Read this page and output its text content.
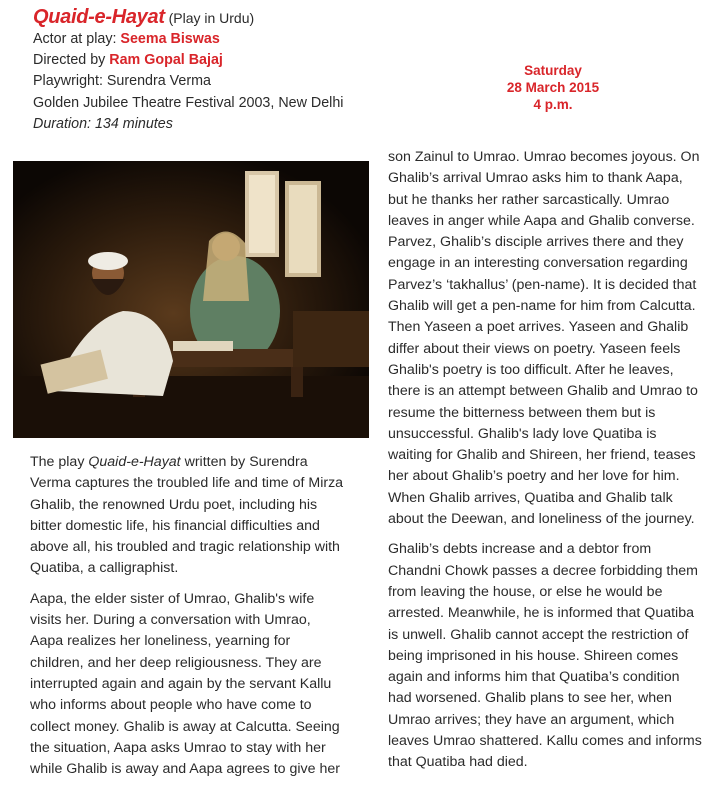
Quaid-e-Hayat (Play in Urdu)
Actor at play: Seema Biswas
Directed by Ram Gopal Bajaj
Playwright: Surendra Verma
Golden Jubilee Theatre Festival 2003, New Delhi
Duration: 134 minutes
Saturday
28 March 2015
4 p.m.

The play Quaid-e-Hayat written by Surendra

Verma captures the troubled life and time of Mirza

Ghalib, the renowned Urdu poet, including his

bitter domestic life, his financial difficulties and

above all, his troubled and tragic relationship with

Quatiba, a calligraphist.

Aapa, the elder sister of Umrao, Ghalib's wife

visits her. During a conversation with Umrao,

Aapa realizes her loneliness, yearning for

children, and her deep religiousness. They are

interrupted again and again by the servant Kallu

who informs about people who have come to

collect money. Ghalib is away at Calcutta. Seeing

the situation, Aapa asks Umrao to stay with her

while Ghalib is away and Aapa agrees to give her

son Zainul to Umrao. Umrao becomes joyous. On

Ghalib’s arrival Umrao asks him to thank Aapa,

but he thanks her rather sarcastically. Umrao

leaves in anger while Aapa and Ghalib converse.

Parvez, Ghalib’s disciple arrives there and they

engage in an interesting conversation regarding

Parvez’s ‘takhallus’ (pen-name). It is decided that

Ghalib will get a pen-name for him from Calcutta.

Then Yaseen a poet arrives. Yaseen and Ghalib

differ about their views on poetry. Yaseen feels

Ghalib's poetry is too difficult. After he leaves,

there is an attempt between Ghalib and Umrao to

resume the bitterness between them but is

unsuccessful. Ghalib's lady love Quatiba is

waiting for Ghalib and Shireen, her friend, teases

her about Ghalib’s poetry and her love for him.

When Ghalib arrives, Quatiba and Ghalib talk

about the Deewan, and loneliness of the journey.

Ghalib’s debts increase and a debtor from

Chandni Chowk passes a decree forbidding them

from leaving the house, or else he would be

arrested. Meanwhile, he is informed that Quatiba

is unwell. Ghalib cannot accept the restriction of

being imprisoned in his house. Shireen comes

again and informs him that Quatiba’s condition

had worsened. Ghalib plans to see her, when

Umrao arrives; they have an argument, which

leaves Umrao shattered. Kallu comes and informs

that Quatiba had died.
